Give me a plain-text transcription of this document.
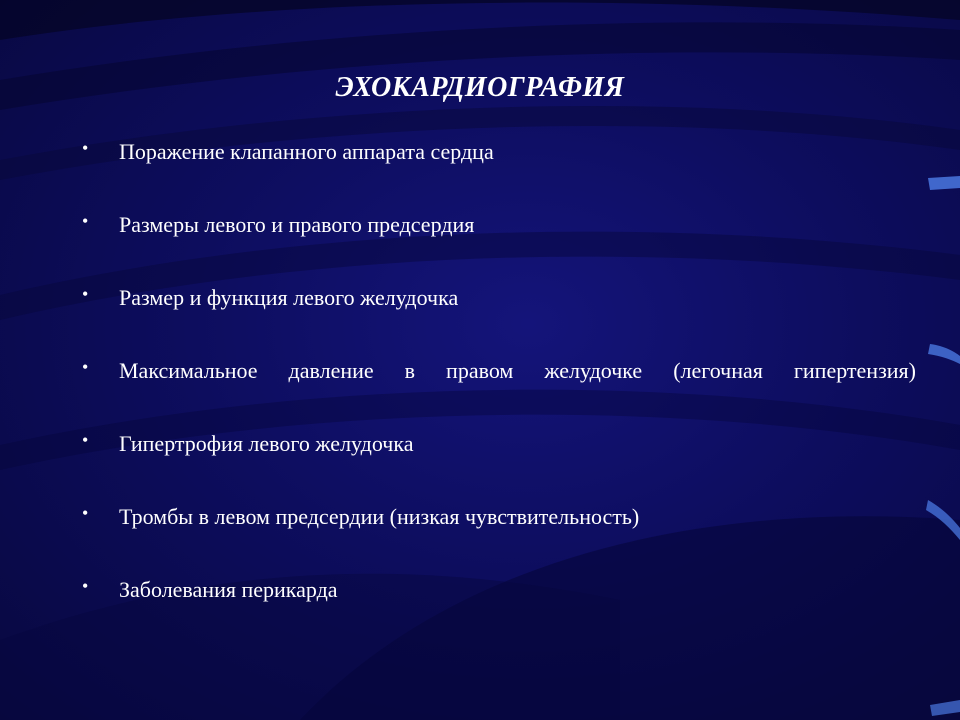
ЭХОКАРДИОГРАФИЯ
• Поражение клапанного аппарата сердца
• Размеры левого и правого предсердия
• Размер и функция левого желудочка
• Максимальное давление в правом желудочке (легочная гипертензия)
• Гипертрофия левого желудочка
• Тромбы в левом предсердии (низкая чувствительность)
• Заболевания перикарда
